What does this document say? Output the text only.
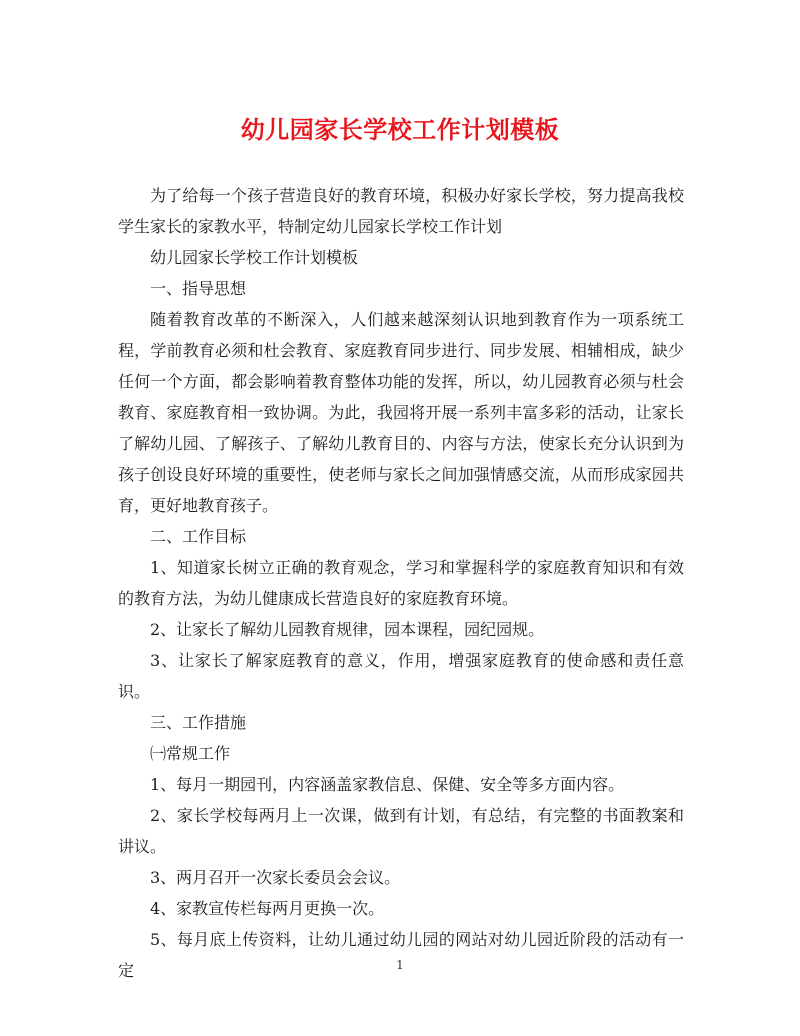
幼儿园家长学校工作计划模板

为了给每一个孩子营造良好的教育环境，积极办好家长学校，努力提高我校学生家长的家教水平，特制定幼儿园家长学校工作计划

幼儿园家长学校工作计划模板

一、指导思想

随着教育改革的不断深入，人们越来越深刻认识地到教育作为一项系统工程，学前教育必须和杜会教育、家庭教育同步进行、同步发展、相辅相成，缺少任何一个方面，都会影响着教育整体功能的发挥，所以，幼儿园教育必须与杜会教育、家庭教育相一致协调。为此，我园将开展一系列丰富多彩的活动，让家长了解幼儿园、了解孩子、了解幼儿教育目的、内容与方法，使家长充分认识到为孩子创设良好环境的重要性，使老师与家长之间加强情感交流，从而形成家园共育，更好地教育孩子。

二、工作目标

1、知道家长树立正确的教育观念，学习和掌握科学的家庭教育知识和有效的教育方法，为幼儿健康成长营造良好的家庭教育环境。

2、让家长了解幼儿园教育规律，园本课程，园纪园规。

3、让家长了解家庭教育的意义，作用，增强家庭教育的使命感和责任意识。

三、工作措施

㈠常规工作

1、每月一期园刊，内容涵盖家教信息、保健、安全等多方面内容。

2、家长学校每两月上一次课，做到有计划，有总结，有完整的书面教案和讲议。

3、两月召开一次家长委员会会议。

4、家教宣传栏每两月更换一次。

5、每月底上传资料，让幼儿通过幼儿园的网站对幼儿园近阶段的活动有一定	1
